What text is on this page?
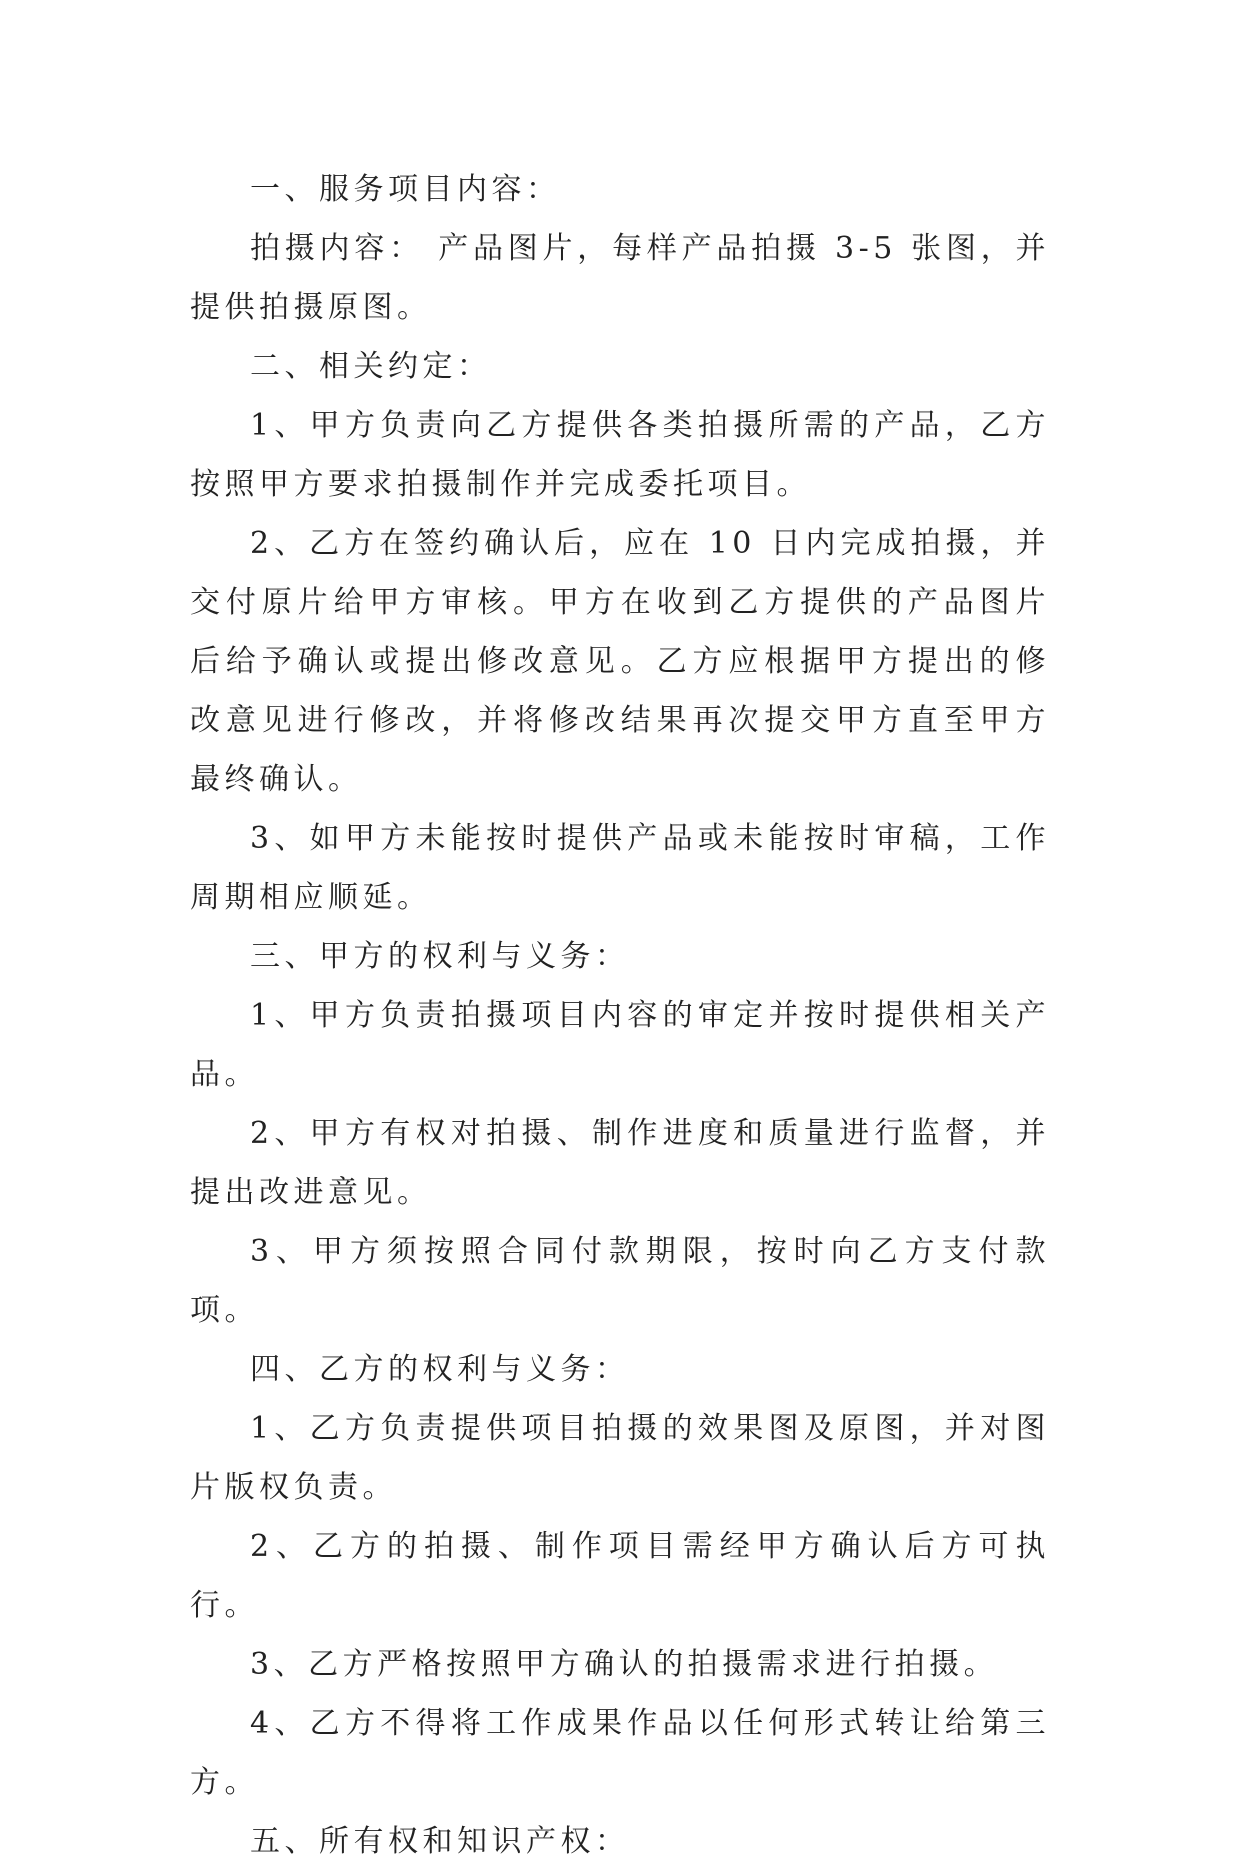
一、服务项目内容：

拍摄内容： 产品图片，每样产品拍摄 3-5 张图，并提供拍摄原图。

二、相关约定：

1、甲方负责向乙方提供各类拍摄所需的产品，乙方按照甲方要求拍摄制作并完成委托项目。

2、乙方在签约确认后，应在 10 日内完成拍摄，并交付原片给甲方审核。甲方在收到乙方提供的产品图片后给予确认或提出修改意见。乙方应根据甲方提出的修改意见进行修改，并将修改结果再次提交甲方直至甲方最终确认。

3、如甲方未能按时提供产品或未能按时审稿，工作周期相应顺延。

三、甲方的权利与义务：

1、甲方负责拍摄项目内容的审定并按时提供相关产品。

2、甲方有权对拍摄、制作进度和质量进行监督，并提出改进意见。

3、甲方须按照合同付款期限，按时向乙方支付款项。

四、乙方的权利与义务：

1、乙方负责提供项目拍摄的效果图及原图，并对图片版权负责。

2、乙方的拍摄、制作项目需经甲方确认后方可执行。

3、乙方严格按照甲方确认的拍摄需求进行拍摄。

4、乙方不得将工作成果作品以任何形式转让给第三方。

五、所有权和知识产权：
